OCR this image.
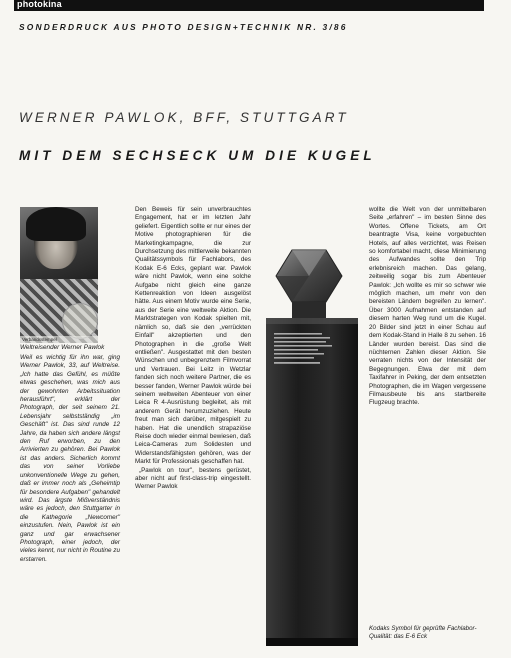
photokina
SONDERDRUCK AUS PHOTO DESIGN+TECHNIK NR. 3/86
WERNER PAWLOK, BFF, STUTTGART
MIT DEM SECHSECK UM DIE KUGEL
Verbandsstempel
Weltreisender Werner Pawlok

Weil es wichtig für ihn war, ging Werner Pawlok, 33, auf Weltreise. „Ich hatte das Gefühl, es müßte etwas geschehen, was mich aus der gewohnten Arbeitssituation herausführt", erklärt der Photograph, der seit seinem 21. Lebensjahr selbstständig „im Geschäft" ist. Das sind runde 12 Jahre, da haben sich andere längst den Ruf erworben, zu den Arrivierten zu gehören. Bei Pawlok ist das anders. Sicherlich kommt das von seiner Vorliebe unkonventionelle Wege zu gehen, daß er immer noch als „Geheimtip für besondere Aufgaben" gehandelt wird. Das ärgste Mißverständnis wäre es jedoch, den Stuttgarter in die Kathegorie „Newcomer" einzustufen. Nein, Pawlok ist ein ganz und gar erwachsener Photograph, einer jedoch, der vieles kennt, nur nicht in Routine zu erstarren.

Den Beweis für sein unverbrauchtes Engagement, hat er im letzten Jahr geliefert. Eigentlich sollte er nur eines der Motive photographieren für die Marketingkampagne, die zur Durchsetzung des mittlerweile bekannten Qualitätssymbols für Fachlabors, des Kodak E-6 Ecks, geplant war. Pawlok wäre nicht Pawlok, wenn eine solche Aufgabe nicht gleich eine ganze Kettenreaktion von Ideen ausgelöst hätte. Aus einem Motiv wurde eine Serie, aus der Serie eine weltweite Aktion. Die Marktstrategen von Kodak spielten mit, nämlich so, daß sie den „verrückten Einfall" akzeptierten und den Photographen in die „große Welt entließen". Ausgestattet mit den besten Wünschen und unbegrenztem Filmvorrat und Vertrauen. Bei Leitz in Wetzlar fanden sich noch weitere Partner, die es besser fanden, Werner Pawlok würde bei seinem weltweiten Abenteuer von einer Leica R 4-Ausrüstung begleitet, als mit anderem Gerät herumzuziehen. Heute freut man sich darüber, mitgespielt zu haben. Hat die unendlich strapaziöse Reise doch wieder einmal bewiesen, daß Leica-Cameras zum Solidesten und Widerstandsfähigsten gehören, was der Markt für Professionals geschaffen hat.

„Pawlok on tour", bestens gerüstet, aber nicht auf first-class-trip eingestellt. Werner Pawlok

wollte die Welt von der unmittelbaren Seite „erfahren" – im besten Sinne des Wortes. Offene Tickets, am Ort beantragte Visa, keine vorgebuchten Hotels, auf alles verzichtet, was Reisen so komfortabel macht, diese Minimierung des Aufwandes sollte den Trip erlebnisreich machen. Das gelang, zeitweilig sogar bis zum Abenteuer Pawlok: „Ich wollte es mir so schwer wie möglich machen, um mehr von den bereisten Ländern begreifen zu lernen". Über 3000 Aufnahmen entstanden auf diesem harten Weg rund um die Kugel. 20 Bilder sind jetzt in einer Schau auf dem Kodak-Stand in Halle 8 zu sehen. 16 Länder wurden bereist. Das sind die nüchternen Zahlen dieser Aktion. Sie verraten nichts von der Intensität der Begegnungen. Etwa der mit dem Taxifahrer in Peking, der dem entsetzten Photographen, die im Wagen vergessene Filmausbeute bis ans startbereite Flugzeug brachte.

Kodaks Symbol für geprüfte Fachlabor-Qualität: das E-6 Eck
